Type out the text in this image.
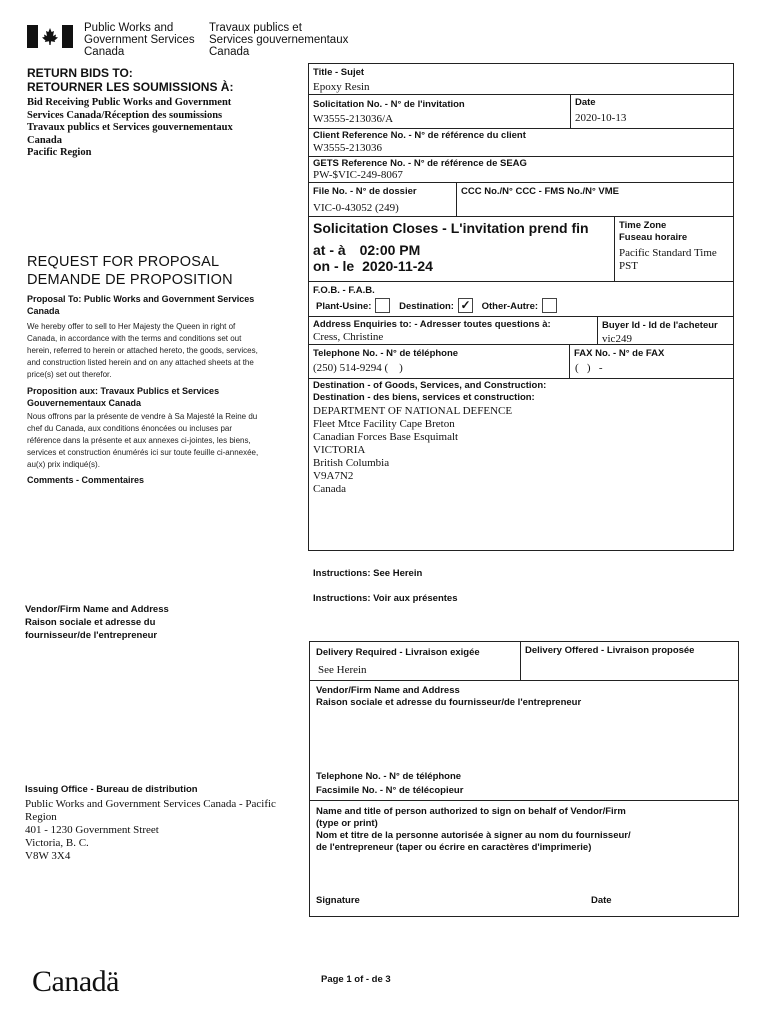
Public Works and
Government Services
Canada
Travaux publics et
Services gouvernementaux
Canada
RETURN BIDS TO:
RETOURNER LES SOUMISSIONS À:
Bid Receiving Public Works and Government
Services Canada/Réception des soumissions
Travaux publics et Services gouvernementaux
Canada
Pacific Region
REQUEST FOR PROPOSAL
DEMANDE DE PROPOSITION
Proposal To: Public Works and Government Services Canada
We hereby offer to sell to Her Majesty the Queen in right of Canada, in accordance with the terms and conditions set out herein, referred to herein or attached hereto, the goods, services, and construction listed herein and on any attached sheets at the price(s) set out therefor.
Proposition aux: Travaux Publics et Services Gouvernementaux Canada
Nous offrons par la présente de vendre à Sa Majesté la Reine du chef du Canada, aux conditions énoncées ou incluses par référence dans la présente et aux annexes ci-jointes, les biens, services et construction énumérés ici sur toute feuille ci-annexée, au(x) prix indiqué(s).
Comments - Commentaires
Vendor/Firm Name and Address
Raison sociale et adresse du
fournisseur/de l'entrepreneur
Issuing Office - Bureau de distribution
Public Works and Government Services Canada - Pacific
Region
401 - 1230 Government Street
Victoria, B. C.
V8W 3X4
Title - Sujet
Epoxy Resin
Solicitation No. - N° de l'invitation
W3555-213036/A
Date
2020-10-13
Client Reference No. - N° de référence du client
W3555-213036
GETS Reference No. - N° de référence de SEAG
PW-$VIC-249-8067
File No. - N° de dossier
VIC-0-43052 (249)
CCC No./N° CCC - FMS No./N° VME
Solicitation Closes - L'invitation prend fin
at - à 02:00 PM
on - le 2020-11-24
Time Zone
Fuseau horaire
Pacific Standard Time
PST
F.O.B. - F.A.B.
Plant-Usine:	Destination: ✓ Other-Autre:
Address Enquiries to: - Adresser toutes questions à:
Cress, Christine
Buyer Id - Id de l'acheteur
vic249
Telephone No. - N° de téléphone
(250) 514-9294 (    )
FAX No. - N° de FAX
(   )   -
Destination - of Goods, Services, and Construction:
Destination - des biens, services et construction:
DEPARTMENT OF NATIONAL DEFENCE
Fleet Mtce Facility Cape Breton
Canadian Forces Base Esquimalt
VICTORIA
British Columbia
V9A7N2
Canada
Instructions: See Herein
Instructions: Voir aux présentes
Delivery Required - Livraison exigée
See Herein
Delivery Offered - Livraison proposée
Vendor/Firm Name and Address
Raison sociale et adresse du fournisseur/de l'entrepreneur
Telephone No. - N° de téléphone
Facsimile No. - N° de télécopieur
Name and title of person authorized to sign on behalf of Vendor/Firm
(type or print)
Nom et titre de la personne autorisée à signer au nom du fournisseur/
de l'entrepreneur (taper ou écrire en caractères d'imprimerie)
Signature	Date
Canadä	Page 1 of - de 3
